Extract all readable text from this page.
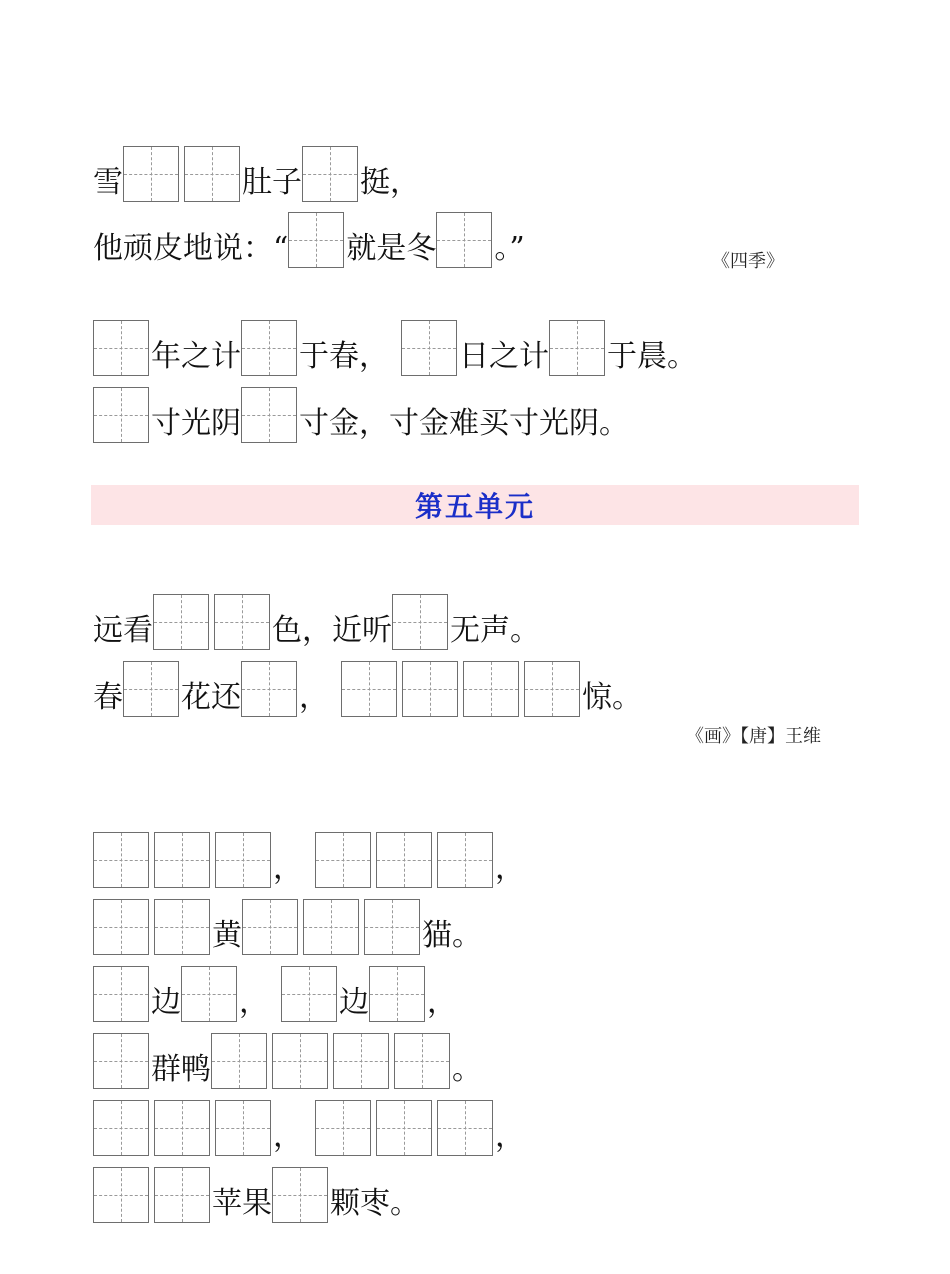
雪	肚子 挺，
他顽皮地说：“ 就是冬 。”	《四季》
年之计 于春， 日之计 于晨。
寸光阴 寸金，寸金难买寸光阴。
第五单元
远看	色，近听 无声。
春 花还 ，	惊。
《画》【唐】王维
，	，
黄	猫。
边 ， 边 ，
群鸭	。
，	，
苹果 颗枣。
